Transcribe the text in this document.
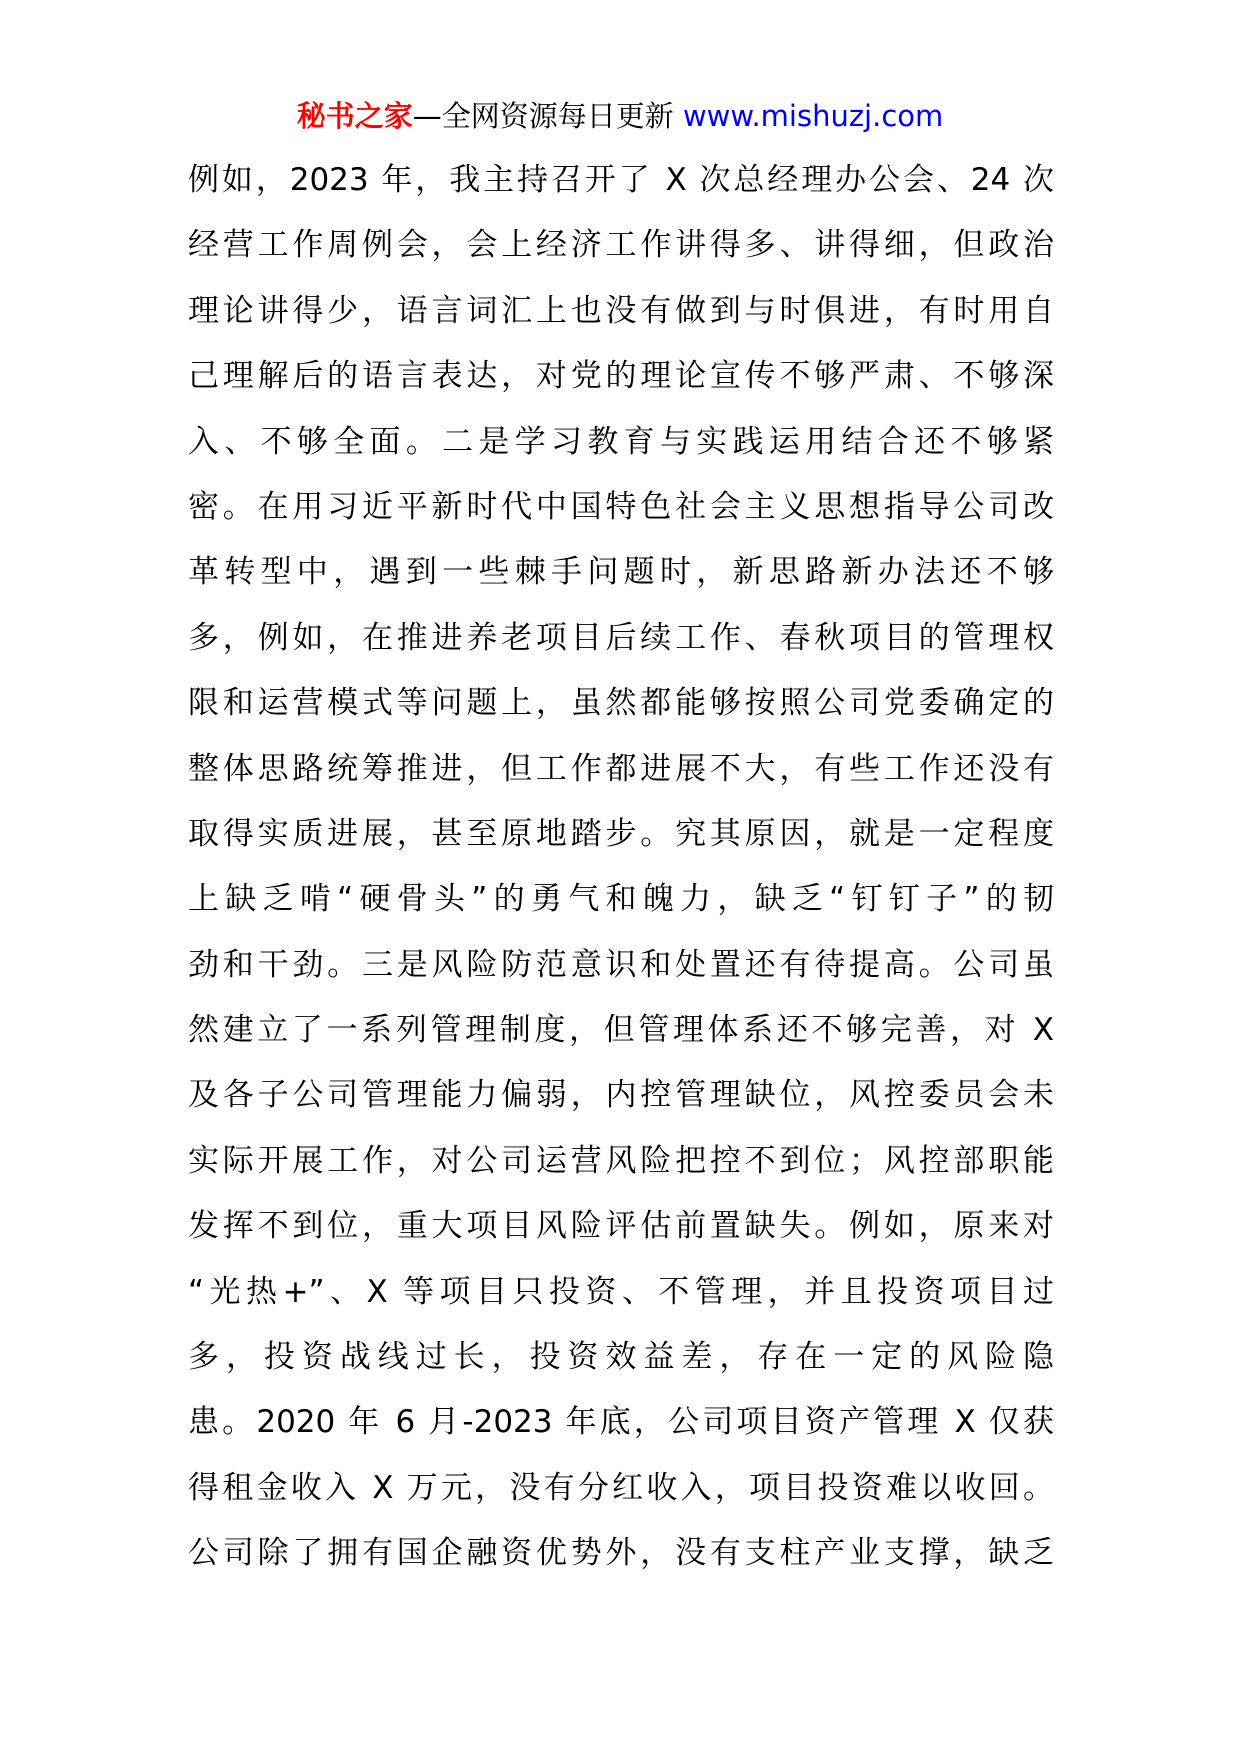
秘书之家—全网资源每日更新 www.mishuzj.com
例如，2023 年，我主持召开了 X 次总经理办公会、24 次
经营工作周例会，会上经济工作讲得多、讲得细，但政治
理论讲得少，语言词汇上也没有做到与时俱进，有时用自
己理解后的语言表达，对党的理论宣传不够严肃、不够深
入、不够全面。二是学习教育与实践运用结合还不够紧
密。在用习近平新时代中国特色社会主义思想指导公司改
革转型中，遇到一些棘手问题时，新思路新办法还不够
多，例如，在推进养老项目后续工作、春秋项目的管理权
限和运营模式等问题上，虽然都能够按照公司党委确定的
整体思路统筹推进，但工作都进展不大，有些工作还没有
取得实质进展，甚至原地踏步。究其原因，就是一定程度
上缺乏啃“硬骨头”的勇气和魄力，缺乏“钉钉子”的韧
劲和干劲。三是风险防范意识和处置还有待提高。公司虽
然建立了一系列管理制度，但管理体系还不够完善，对 X
及各子公司管理能力偏弱，内控管理缺位，风控委员会未
实际开展工作，对公司运营风险把控不到位；风控部职能
发挥不到位，重大项目风险评估前置缺失。例如，原来对
“光热+”、X 等项目只投资、不管理，并且投资项目过
多，投资战线过长，投资效益差，存在一定的风险隐
患。2020 年 6 月-2023 年底，公司项目资产管理 X 仅获
得租金收入 X 万元，没有分红收入，项目投资难以收回。
公司除了拥有国企融资优势外，没有支柱产业支撑，缺乏
